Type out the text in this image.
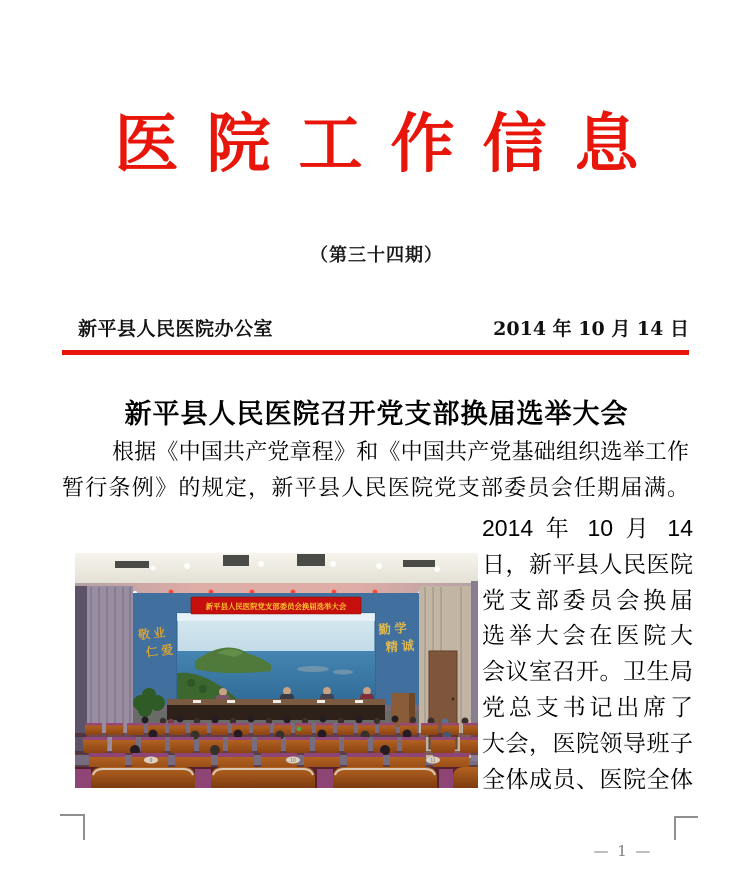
医院工作信息
（第三十四期）
新平县人民医院办公室	2014 年 10 月 14 日
新平县人民医院召开党支部换届选举大会
根据《中国共产党章程》和《中国共产党基础组织选举工作
暂行条例》的规定，新平县人民医院党支部委员会任期届满。
新平县人民医院党支部委员会换届选举大会
敬 业
仁 爱
勤 学
精 诚
9	10	11
2014 年 10 月 14
日，新平县人民医院
党支部委员会换届
选举大会在医院大
会议室召开。卫生局
党总支书记出席了
大会，医院领导班子
全体成员、医院全体
— 1 —
